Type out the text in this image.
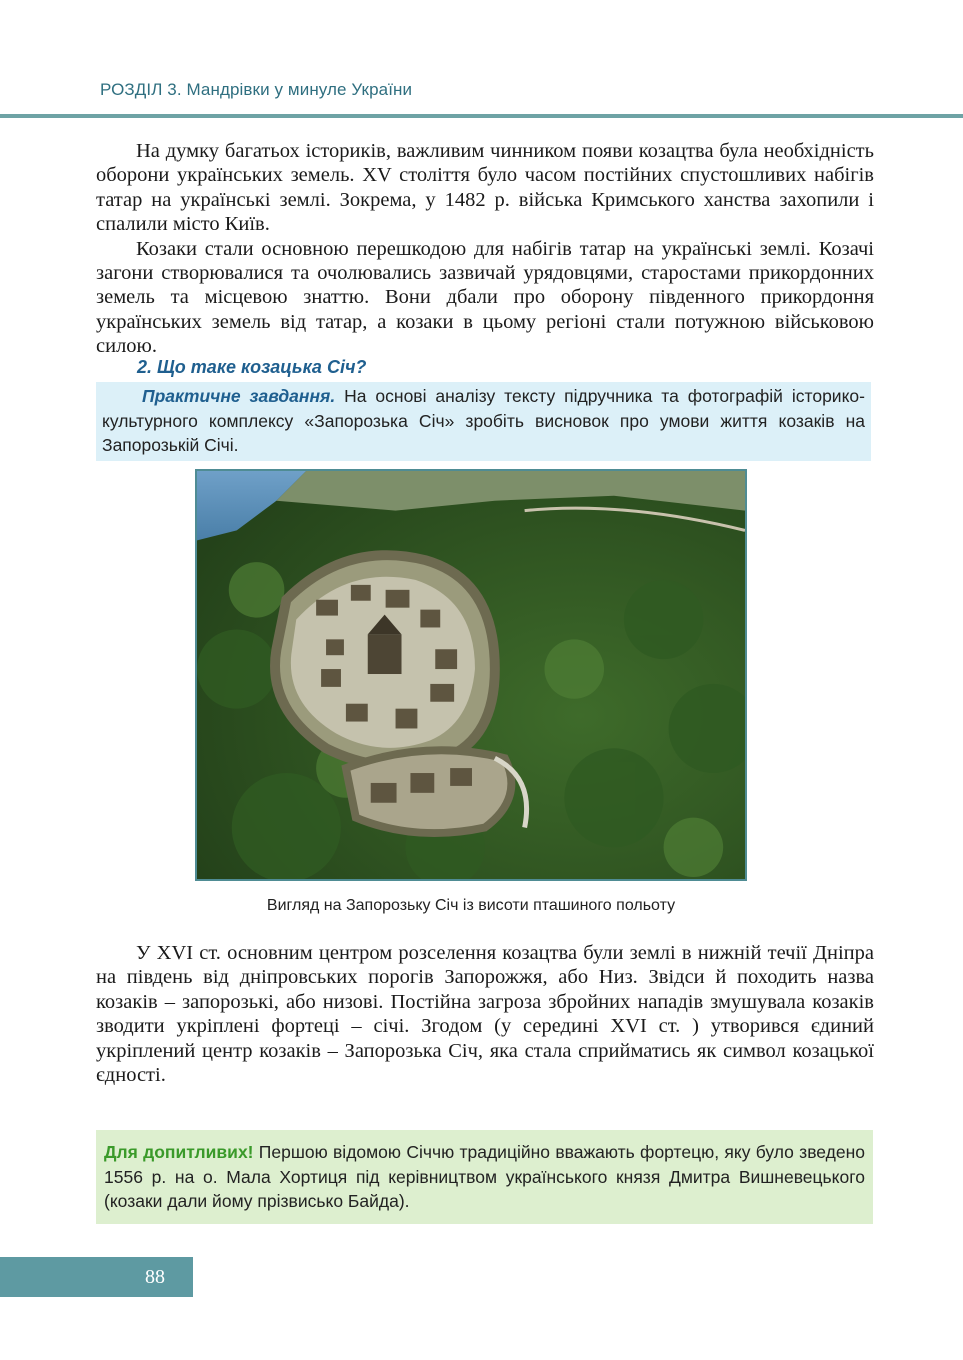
РОЗДІЛ 3. Мандрівки у минуле України

На думку багатьох істориків, важливим чинником появи козацтва була необхідність оборони українських земель. XV століття було часом постійних спустошливих набігів татар на українські землі. Зокрема, у 1482 р. війська Кримського ханства захопили і спалили місто Київ.

Козаки стали основною перешкодою для набігів татар на українські землі. Козачі загони створювалися та очолювались зазвичай урядовцями, старостами прикордонних земель та місцевою знаттю. Вони дбали про оборону південного прикордоння українських земель від татар, а козаки в цьому регіоні стали потужною військовою силою.

2. Що таке козацька Січ?
Практичне завдання. На основі аналізу тексту підручника та фотографій історико-культурного комплексу «Запорозька Січ» зробіть висновок про умови життя козаків на Запорозькій Січі.
Вигляд на Запорозьку Січ із висоти пташиного польоту

У XVI ст. основним центром розселення козацтва були землі в нижній течії Дніпра на південь від дніпровських порогів Запорожжя, або Низ. Звідси й походить назва козаків – запорозькі, або низові. Постійна загроза збройних нападів змушувала козаків зводити укріплені фортеці – січі. Згодом (у середині XVI ст. ) утворився єдиний укріплений центр козаків – Запорозька Січ, яка стала сприйматись як символ козацької єдності.

Для допитливих! Першою відомою Січчю традиційно вважають фортецю, яку було зведено 1556 р. на о. Мала Хортиця під керівництвом українського князя Дмитра Вишневецького (козаки дали йому прізвисько Байда).
88
